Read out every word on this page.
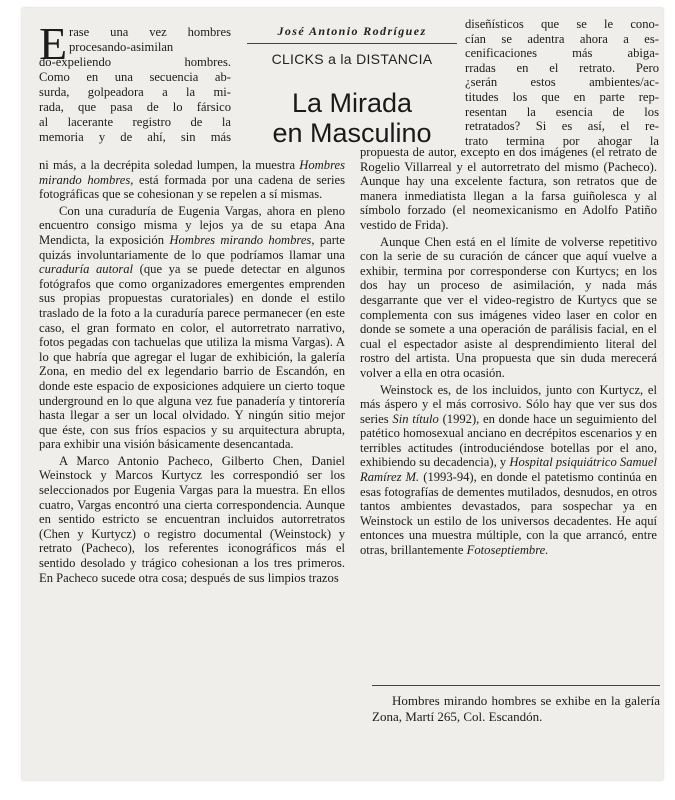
E rase una vez hombres
procesando-asimilan
do-expeliendo hombres.
Como en una secuencia ab-
surda, golpeadora a la mi-
rada, que pasa de lo fársico
al lacerante registro de la
memoria y de ahí, sin más
José Antonio Rodríguez
CLICKS a la DISTANCIA
La Mirada
en Masculino
diseñísticos que se le cono-
cían se adentra ahora a es-
cenificaciones más abiga-
rradas en el retrato. Pero
¿serán estos ambientes/ac-
titudes los que en parte rep-
resentan la esencia de los
retratados? Si es así, el re-
trato termina por ahogar la

ni más, a la decrépita soledad lumpen, la muestra Hombres mirando hombres, está formada por una cadena de series fotográficas que se cohesionan y se repelen a sí mismas.

Con una curaduría de Eugenia Vargas, ahora en pleno encuentro consigo misma y lejos ya de su etapa Ana Mendicta, la exposición Hombres mirando hombres, parte quizás involuntariamente de lo que podríamos llamar una curaduría autoral (que ya se puede detectar en algunos fotógrafos que como organizadores emergentes emprenden sus propias propuestas curatoriales) en donde el estilo traslado de la foto a la curaduría parece permanecer (en este caso, el gran formato en color, el autorretrato narrativo, fotos pegadas con tachuelas que utiliza la misma Vargas). A lo que habría que agregar el lugar de exhibición, la galería Zona, en medio del ex legendario barrio de Escandón, en donde este espacio de exposiciones adquiere un cierto toque underground en lo que alguna vez fue panadería y tintorería hasta llegar a ser un local olvidado. Y ningún sitio mejor que éste, con sus fríos espacios y su arquitectura abrupta, para exhibir una visión básicamente desencantada.

A Marco Antonio Pacheco, Gilberto Chen, Daniel Weinstock y Marcos Kurtycz les correspondió ser los seleccionados por Eugenia Vargas para la muestra. En ellos cuatro, Vargas encontró una cierta correspondencia. Aunque en sentido estricto se encuentran incluidos autorretratos (Chen y Kurtycz) o registro documental (Weinstock) y retrato (Pacheco), los referentes iconográficos más el sentido desolado y trágico cohesionan a los tres primeros. En Pacheco sucede otra cosa; después de sus limpios trazos

propuesta de autor, excepto en dos imágenes (el retrato de Rogelio Villarreal y el autorretrato del mismo (Pacheco). Aunque hay una excelente factura, son retratos que de manera inmediatista llegan a la farsa guiñolesca y al símbolo forzado (el neomexicanismo en Adolfo Patiño vestido de Frida).

Aunque Chen está en el límite de volverse repetitivo con la serie de su curación de cáncer que aquí vuelve a exhibir, termina por corresponderse con Kurtycs; en los dos hay un proceso de asimilación, y nada más desgarrante que ver el video-registro de Kurtycs que se complementa con sus imágenes video laser en color en donde se somete a una operación de parálisis facial, en el cual el espectador asiste al desprendimiento literal del rostro del artista. Una propuesta que sin duda merecerá volver a ella en otra ocasión.

Weinstock es, de los incluidos, junto con Kurtycz, el más áspero y el más corrosivo. Sólo hay que ver sus dos series Sin título (1992), en donde hace un seguimiento del patético homosexual anciano en decrépitos escenarios y en terribles actitudes (introduciéndose botellas por el ano, exhibiendo su decadencia), y Hospital psiquiátrico Samuel Ramírez M. (1993-94), en donde el patetismo continúa en esas fotografías de dementes mutilados, desnudos, en otros tantos ambientes devastados, para sospechar ya en Weinstock un estilo de los universos decadentes. He aquí entonces una muestra múltiple, con la que arrancó, entre otras, brillantemente Fotoseptiembre.

Hombres mirando hombres se exhibe en la galería Zona, Martí 265, Col. Escandón.
